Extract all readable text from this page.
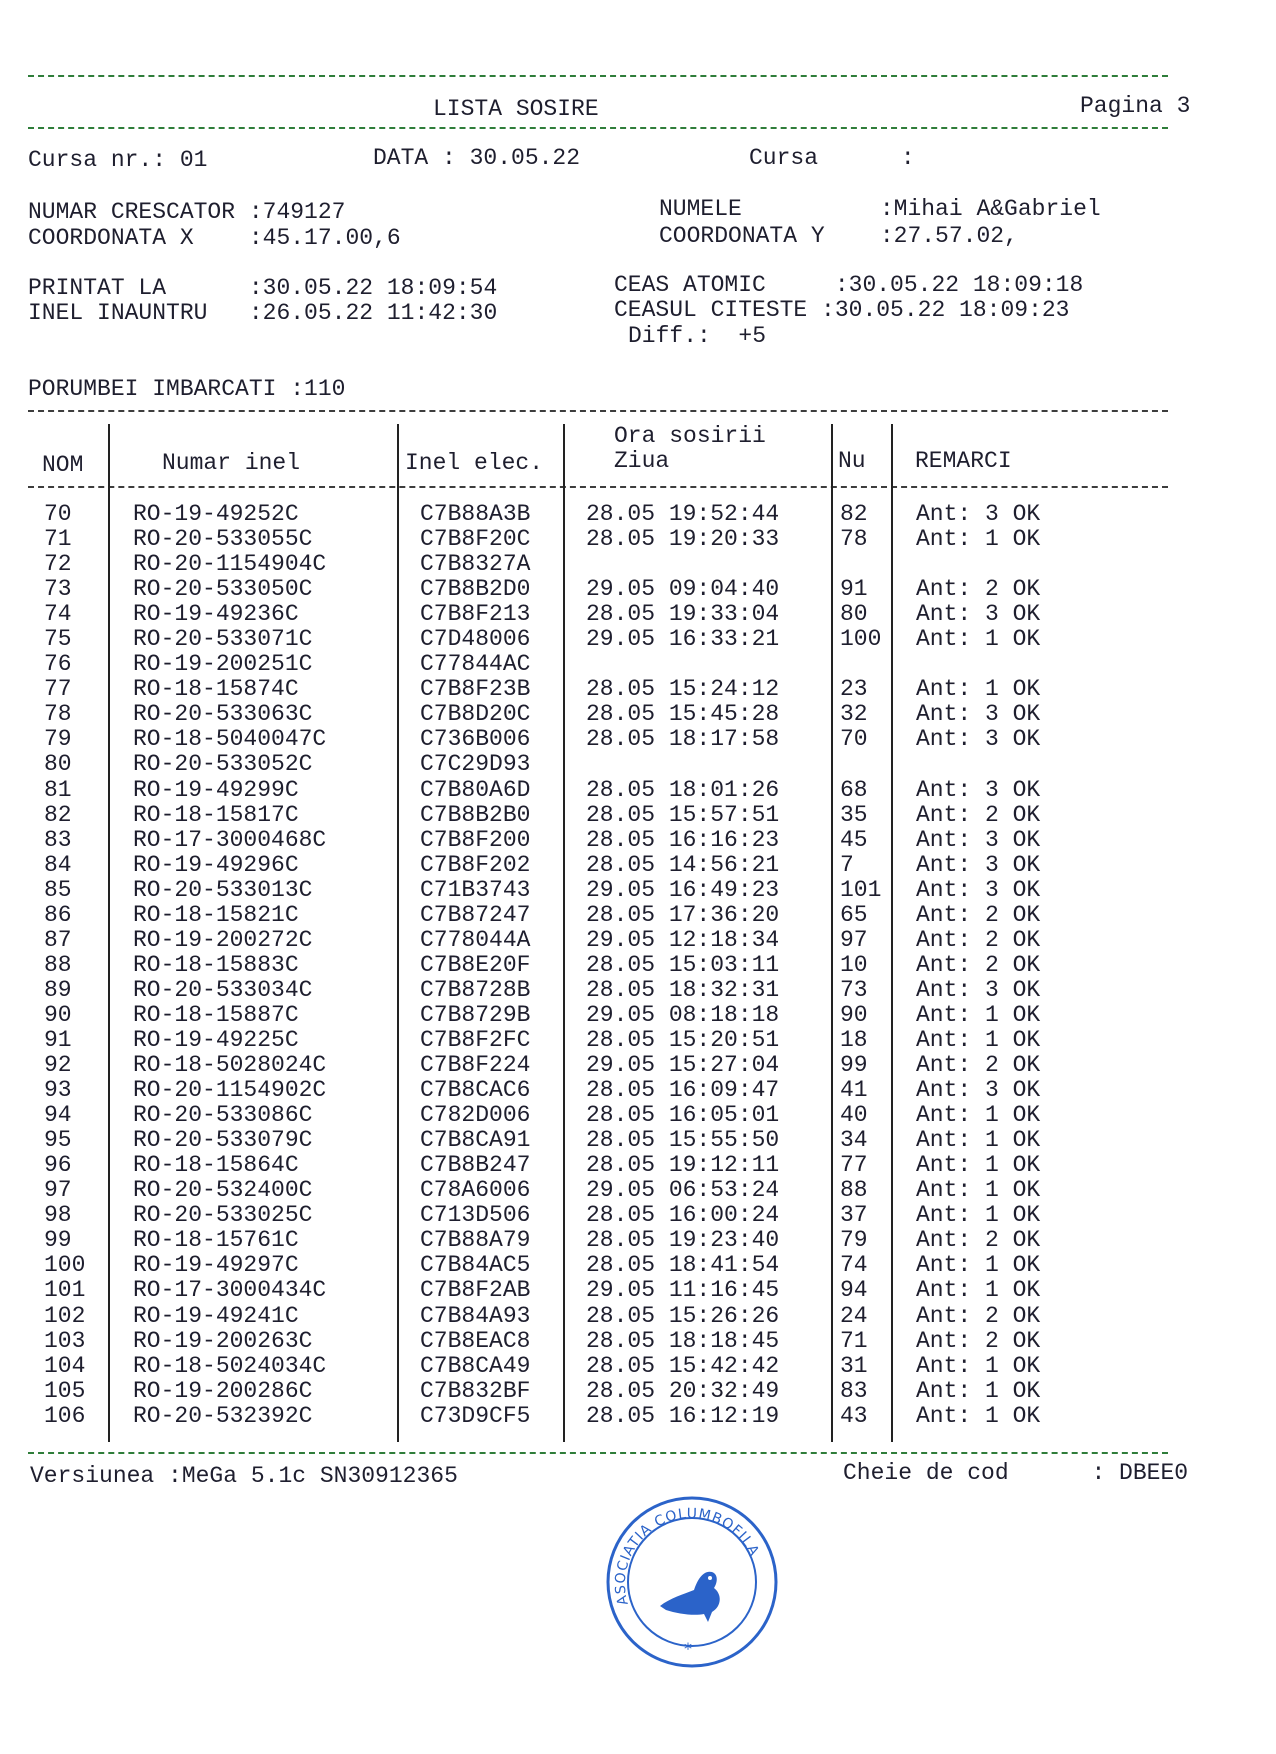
LISTA SOSIRE	Pagina 3
Cursa nr.: 01	DATA : 30.05.22	Cursa      :
NUMAR CRESCATOR :749127
COORDONATA X    :45.17.00,6
NUMELE          :Mihai A&Gabriel
COORDONATA Y    :27.57.02,
PRINTAT LA      :30.05.22 18:09:54
INEL INAUNTRU   :26.05.22 11:42:30
CEAS ATOMIC     :30.05.22 18:09:18
CEASUL CITESTE :30.05.22 18:09:23
Diff.:  +5
PORUMBEI IMBARCATI :110
NOM	Numar inel	Inel elec.
Ora sosirii
Ziua	Nu REMARCI
70	RO-19-49252C	C7B88A3B 28.05 19:52:44	82 Ant: 3 OK
71	RO-20-533055C	C7B8F20C 28.05 19:20:33	78 Ant: 1 OK
72	RO-20-1154904C	C7B8327A
73	RO-20-533050C	C7B8B2D0 29.05 09:04:40	91 Ant: 2 OK
74	RO-19-49236C	C7B8F213 28.05 19:33:04	80 Ant: 3 OK
75	RO-20-533071C	C7D48006 29.05 16:33:21	100 Ant: 1 OK
76	RO-19-200251C	C77844AC
77	RO-18-15874C	C7B8F23B 28.05 15:24:12	23 Ant: 1 OK
78	RO-20-533063C	C7B8D20C 28.05 15:45:28	32 Ant: 3 OK
79	RO-18-5040047C	C736B006 28.05 18:17:58	70 Ant: 3 OK
80	RO-20-533052C	C7C29D93
81	RO-19-49299C	C7B80A6D 28.05 18:01:26	68 Ant: 3 OK
82	RO-18-15817C	C7B8B2B0 28.05 15:57:51	35 Ant: 2 OK
83	RO-17-3000468C	C7B8F200 28.05 16:16:23	45 Ant: 3 OK
84	RO-19-49296C	C7B8F202 28.05 14:56:21	7	Ant: 3 OK
85	RO-20-533013C	C71B3743 29.05 16:49:23	101 Ant: 3 OK
86	RO-18-15821C	C7B87247 28.05 17:36:20	65 Ant: 2 OK
87	RO-19-200272C	C778044A 29.05 12:18:34	97 Ant: 2 OK
88	RO-18-15883C	C7B8E20F 28.05 15:03:11	10 Ant: 2 OK
89	RO-20-533034C	C7B8728B 28.05 18:32:31	73 Ant: 3 OK
90	RO-18-15887C	C7B8729B 29.05 08:18:18	90 Ant: 1 OK
91	RO-19-49225C	C7B8F2FC 28.05 15:20:51	18 Ant: 1 OK
92	RO-18-5028024C	C7B8F224 29.05 15:27:04	99 Ant: 2 OK
93	RO-20-1154902C	C7B8CAC6 28.05 16:09:47	41 Ant: 3 OK
94	RO-20-533086C	C782D006 28.05 16:05:01	40 Ant: 1 OK
95	RO-20-533079C	C7B8CA91 28.05 15:55:50	34 Ant: 1 OK
96	RO-18-15864C	C7B8B247 28.05 19:12:11	77 Ant: 1 OK
97	RO-20-532400C	C78A6006 29.05 06:53:24	88 Ant: 1 OK
98	RO-20-533025C	C713D506 28.05 16:00:24	37 Ant: 1 OK
99	RO-18-15761C	C7B88A79 28.05 19:23:40	79 Ant: 2 OK
100 RO-19-49297C	C7B84AC5 28.05 18:41:54	74 Ant: 1 OK
101 RO-17-3000434C	C7B8F2AB 29.05 11:16:45	94 Ant: 1 OK
102 RO-19-49241C	C7B84A93 28.05 15:26:26	24 Ant: 2 OK
103 RO-19-200263C	C7B8EAC8 28.05 18:18:45	71 Ant: 2 OK
104 RO-18-5024034C	C7B8CA49 28.05 15:42:42	31 Ant: 1 OK
105 RO-19-200286C	C7B832BF 28.05 20:32:49	83 Ant: 1 OK
106 RO-20-532392C	C73D9CF5 28.05 16:12:19	43 Ant: 1 OK
Versiunea :MeGa 5.1c SN30912365	Cheie de cod      : DBEE0
ASOCIATIA COLUMBOFILA
*
